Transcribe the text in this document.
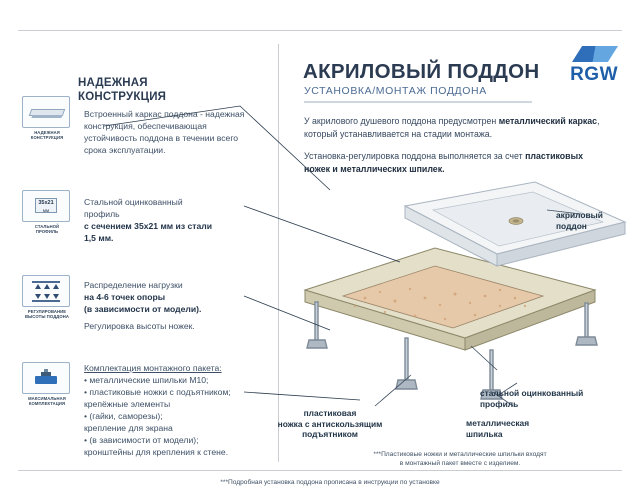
RGW
АКРИЛОВЫЙ ПОДДОН
УСТАНОВКА/МОНТАЖ ПОДДОНА
У акрилового душевого поддона предусмотрен металлический каркас, который устанавливается на стадии монтажа.
Установка-регулировка поддона выполняется за счет пластиковых ножек и металлических шпилек.
НАДЕЖНАЯ
КОНСТРУКЦИЯ
НАДЕЖНАЯ
КОНСТРУКЦИЯ
Встроенный каркас поддона - надежная конструкция, обеспечивающая устойчивость поддона в течении всего срока эксплуатации.
35х21
мм
СТАЛЬНОЙ
ПРОФИЛЬ
Стальной оцинкованный
профиль
с сечением 35х21 мм из стали
1,5 мм.
РЕГУЛИРОВАНИЕ
ВЫСОТЫ ПОДДОНА
Распределение нагрузки
на 4-6 точек опоры
(в зависимости от модели).
Регулировка высоты ножек.
МАКСИМАЛЬНАЯ
КОМПЛЕКТАЦИЯ
Комплектация монтажного пакета:
• металлические шпильки М10;
• пластиковые ножки с подъятником;
крепёжные элементы
• (гайки, саморезы);
крепление для экрана
• (в зависимости от модели);
кронштейны для крепления к стене.
акриловый
поддон
стальной оцинкованный
профиль
металлическая
шпилька
пластиковая
ножка с антискользящим
подъятником
***Пластиковые ножки и металлические шпильки входят
в монтажный пакет вместе с изделием.
***Подробная установка поддона прописана в инструкции по установке
